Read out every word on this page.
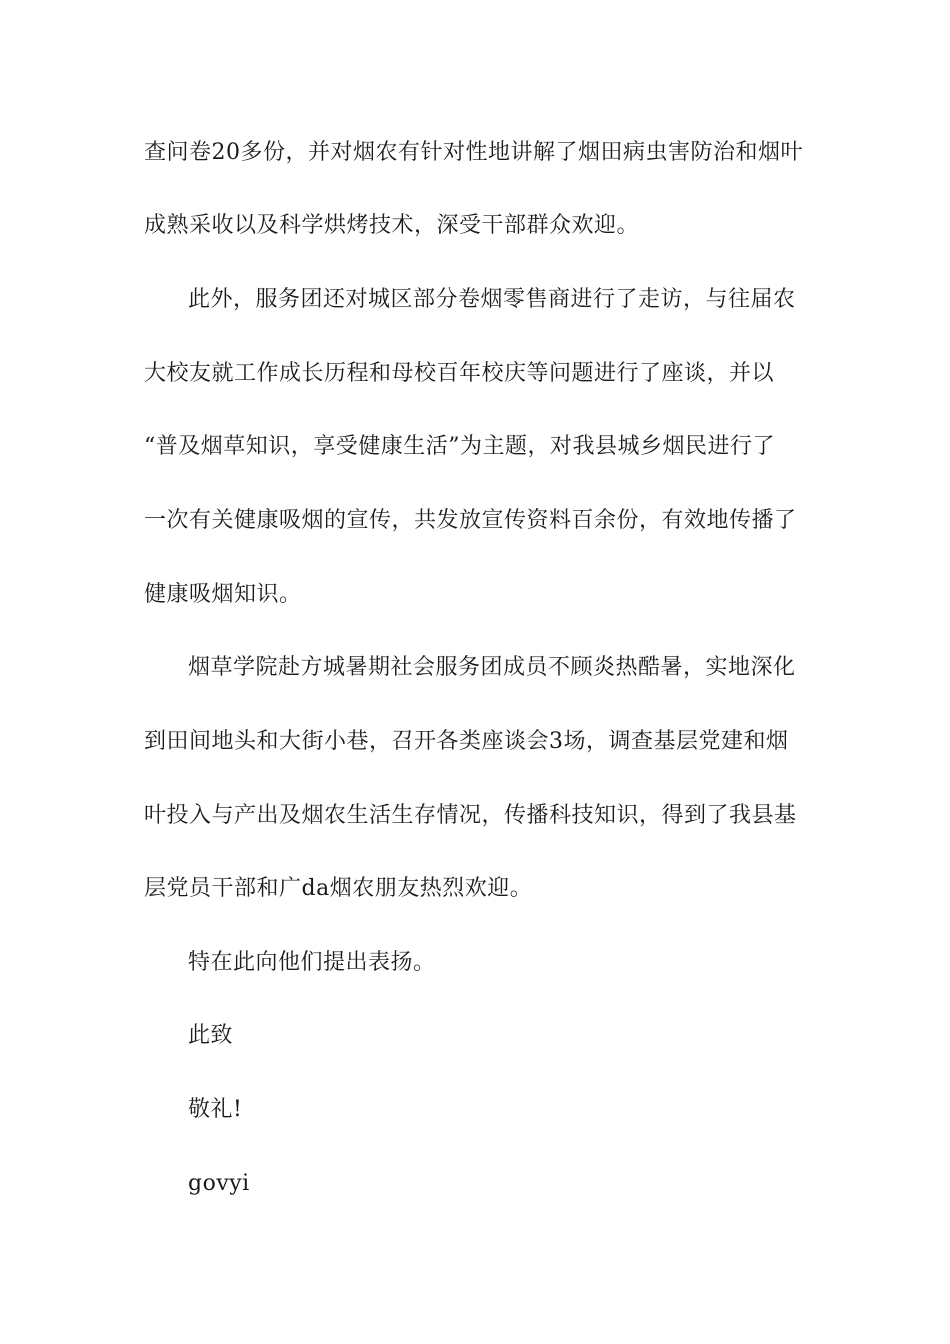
查问卷20多份，并对烟农有针对性地讲解了烟田病虫害防治和烟叶
成熟采收以及科学烘烤技术，深受干部群众欢迎。
此外，服务团还对城区部分卷烟零售商进行了走访，与往届农
大校友就工作成长历程和母校百年校庆等问题进行了座谈，并以
“普及烟草知识，享受健康生活”为主题，对我县城乡烟民进行了
一次有关健康吸烟的宣传，共发放宣传资料百余份，有效地传播了
健康吸烟知识。
烟草学院赴方城暑期社会服务团成员不顾炎热酷暑，实地深化
到田间地头和大街小巷，召开各类座谈会3场，调查基层党建和烟
叶投入与产出及烟农生活生存情况，传播科技知识，得到了我县基
层党员干部和广da烟农朋友热烈欢迎。
特在此向他们提出表扬。
此致
敬礼!
govyi
